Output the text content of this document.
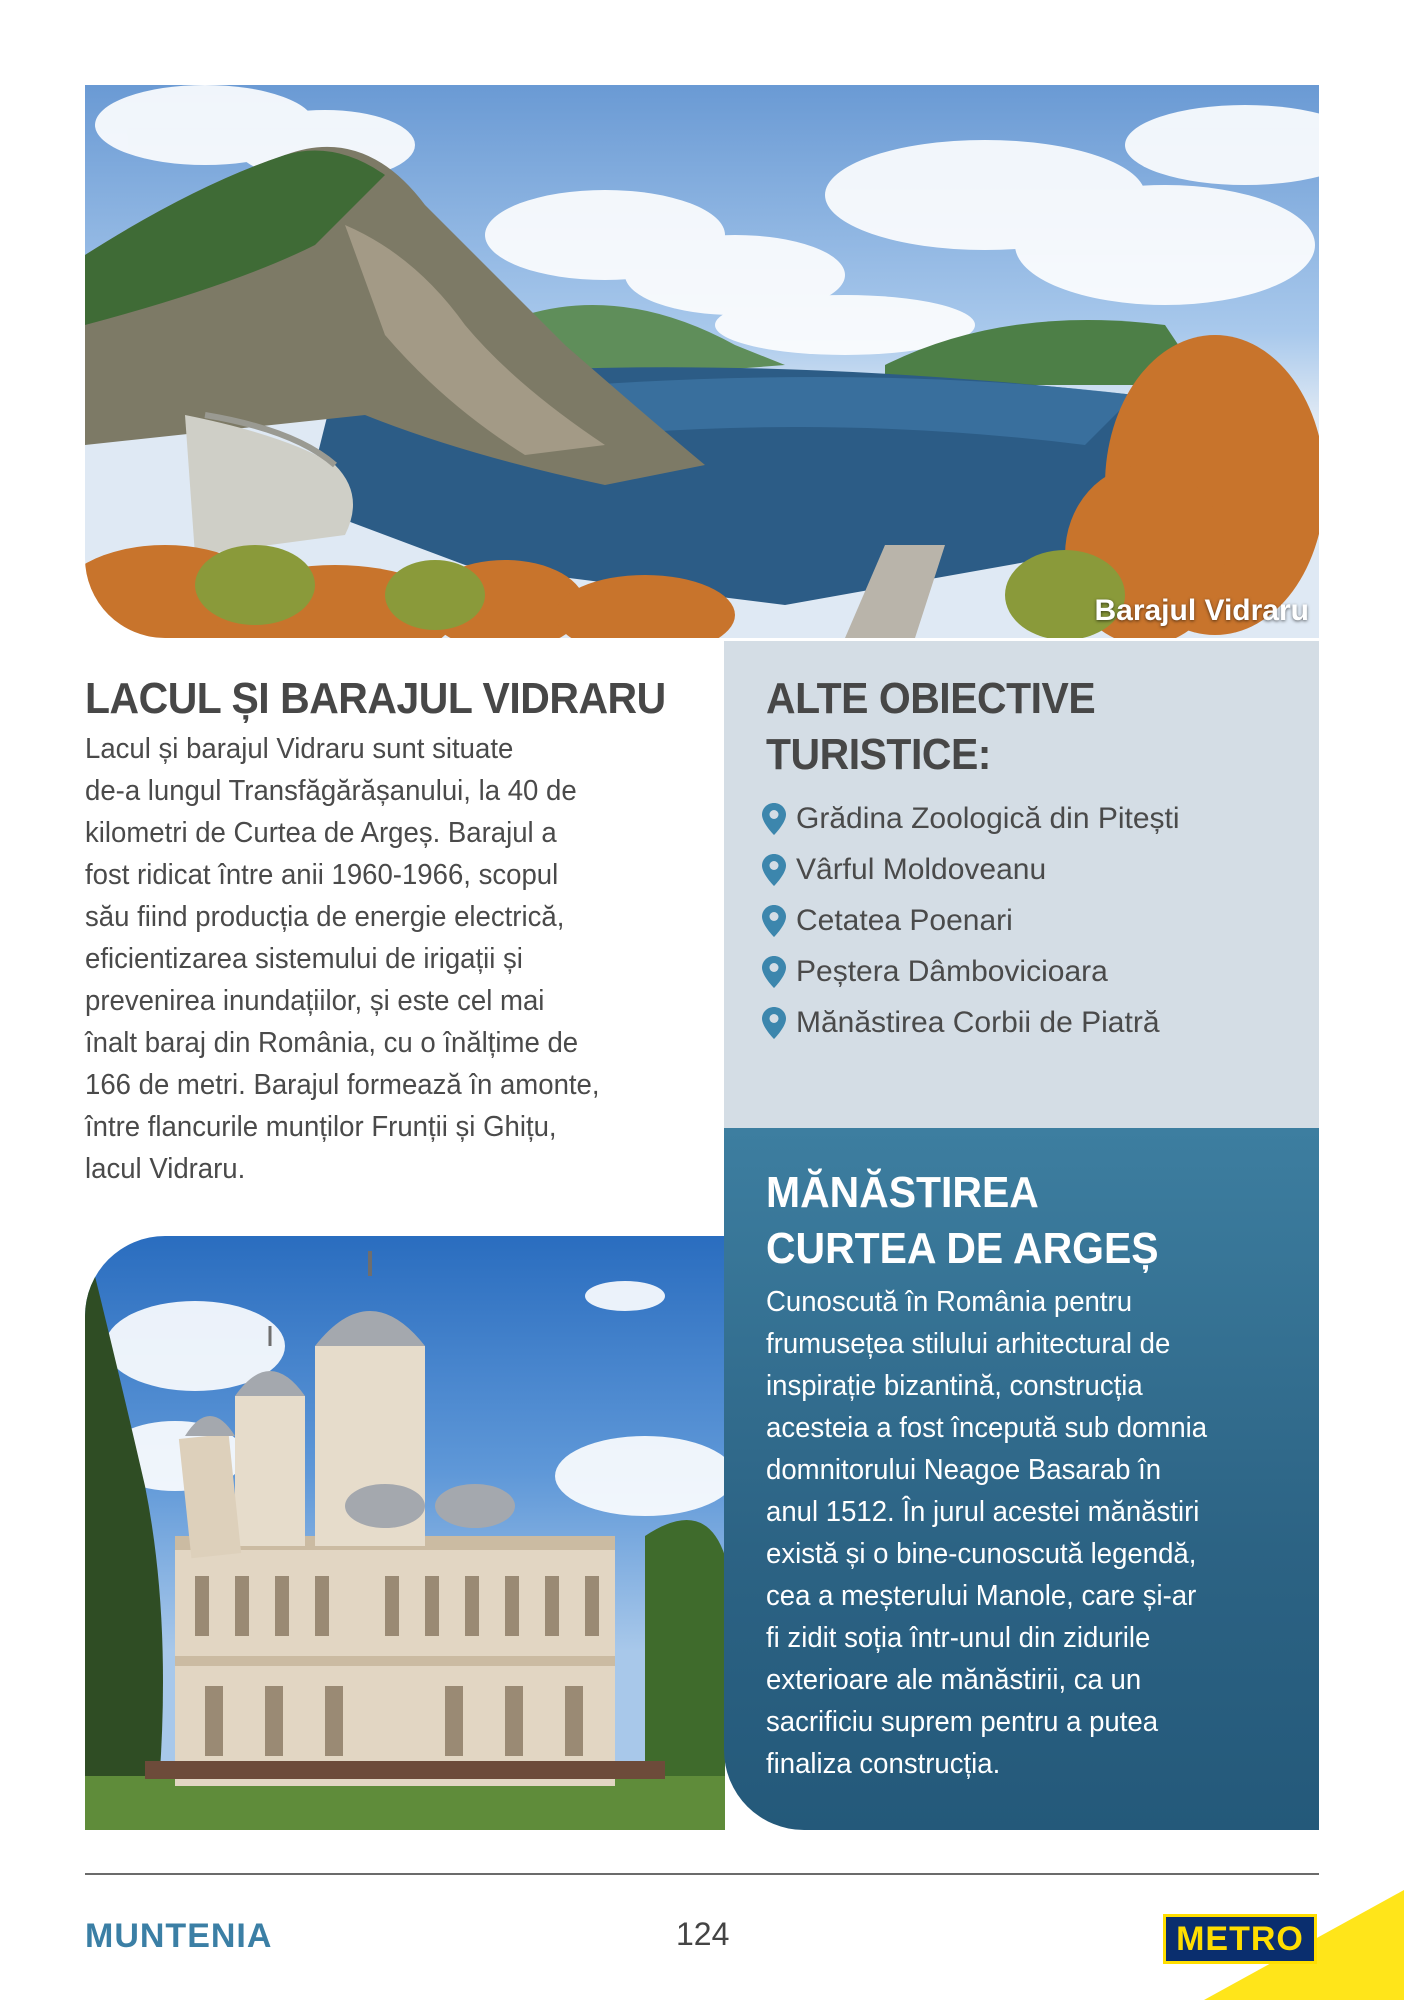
Barajul Vidraru
LACUL ȘI BARAJUL VIDRARU
Lacul și barajul Vidraru sunt situate
de-a lungul Transfăgărășanului, la 40 de
kilometri de Curtea de Argeș. Barajul a
fost ridicat între anii 1960-1966, scopul
său fiind producția de energie electrică,
eficientizarea sistemului de irigații și
prevenirea inundațiilor, și este cel mai
înalt baraj din România, cu o înălțime de
166 de metri. Barajul formează în amonte,
între flancurile munților Frunții și Ghițu,
lacul Vidraru.
ALTE OBIECTIVE
TURISTICE:
Grădina Zoologică din Pitești
Vârful Moldoveanu
Cetatea Poenari
Peștera Dâmbovicioara
Mănăstirea Corbii de Piatră
MĂNĂSTIREA
CURTEA DE ARGEȘ
Cunoscută în România pentru
frumusețea stilului arhitectural de
inspirație bizantină, construcția
acesteia a fost începută sub domnia
domnitorului Neagoe Basarab în
anul 1512. În jurul acestei mănăstiri
există și o bine-cunoscută legendă,
cea a meșterului Manole, care și-ar
fi zidit soția într-unul din zidurile
exterioare ale mănăstirii, ca un
sacrificiu suprem pentru a putea
finaliza construcția.
MUNTENIA	124	METRO
